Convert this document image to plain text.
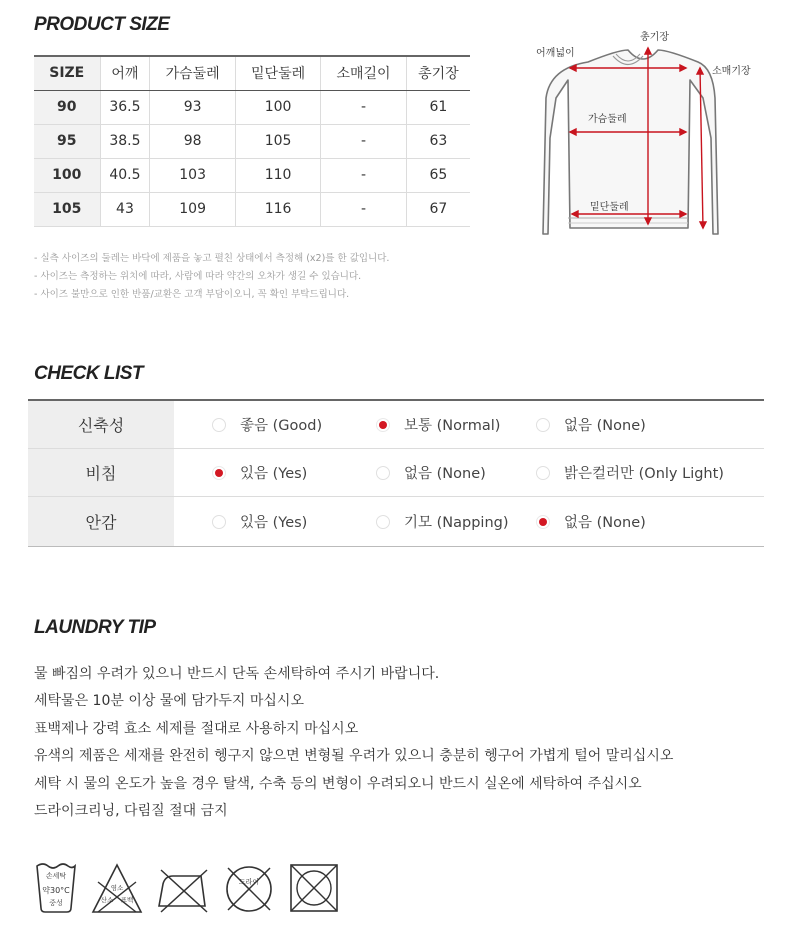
PRODUCT SIZE
SIZE	어깨	가슴둘레	밑단둘레	소매길이	총기장
90	36.5	93	100	-	61
95	38.5	98	105	-	63
100	40.5	103	110	-	65
105	43	109	116	-	67
- 실측 사이즈의 둘레는 바닥에 제품을 놓고 펼친 상태에서 측정해 (x2)를 한 값입니다.
- 사이즈는 측정하는 위치에 따라, 사람에 따라 약간의 오차가 생길 수 있습니다.
- 사이즈 불만으로 인한 반품/교환은 고객 부담이오니, 꼭 확인 부탁드립니다.
총기장
어깨넓이
소매기장
가슴둘레
밑단둘레
CHECK LIST
신축성	좋음 (Good)	보통 (Normal)	없음 (None)
비침	있음 (Yes)	없음 (None)	밝은컬러만 (Only Light)
안감	있음 (Yes)	기모 (Napping)	없음 (None)
LAUNDRY TIP
물 빠짐의 우려가 있으니 반드시 단독 손세탁하여 주시기 바랍니다.
세탁물은 10분 이상 물에 담가두지 마십시오
표백제나 강력 효소 세제를 절대로 사용하지 마십시오
유색의 제품은 세재를 완전히 헹구지 않으면 변형될 우려가 있으니 충분히 헹구어 가볍게 털어 말리십시오
세탁 시 물의 온도가 높을 경우 탈색, 수축 등의 변형이 우려되오니 반드시 실온에 세탁하여 주십시오
드라이크리닝, 다림질 절대 금지
손세탁
약30°C
중성
염소
산소 표백
드라이
